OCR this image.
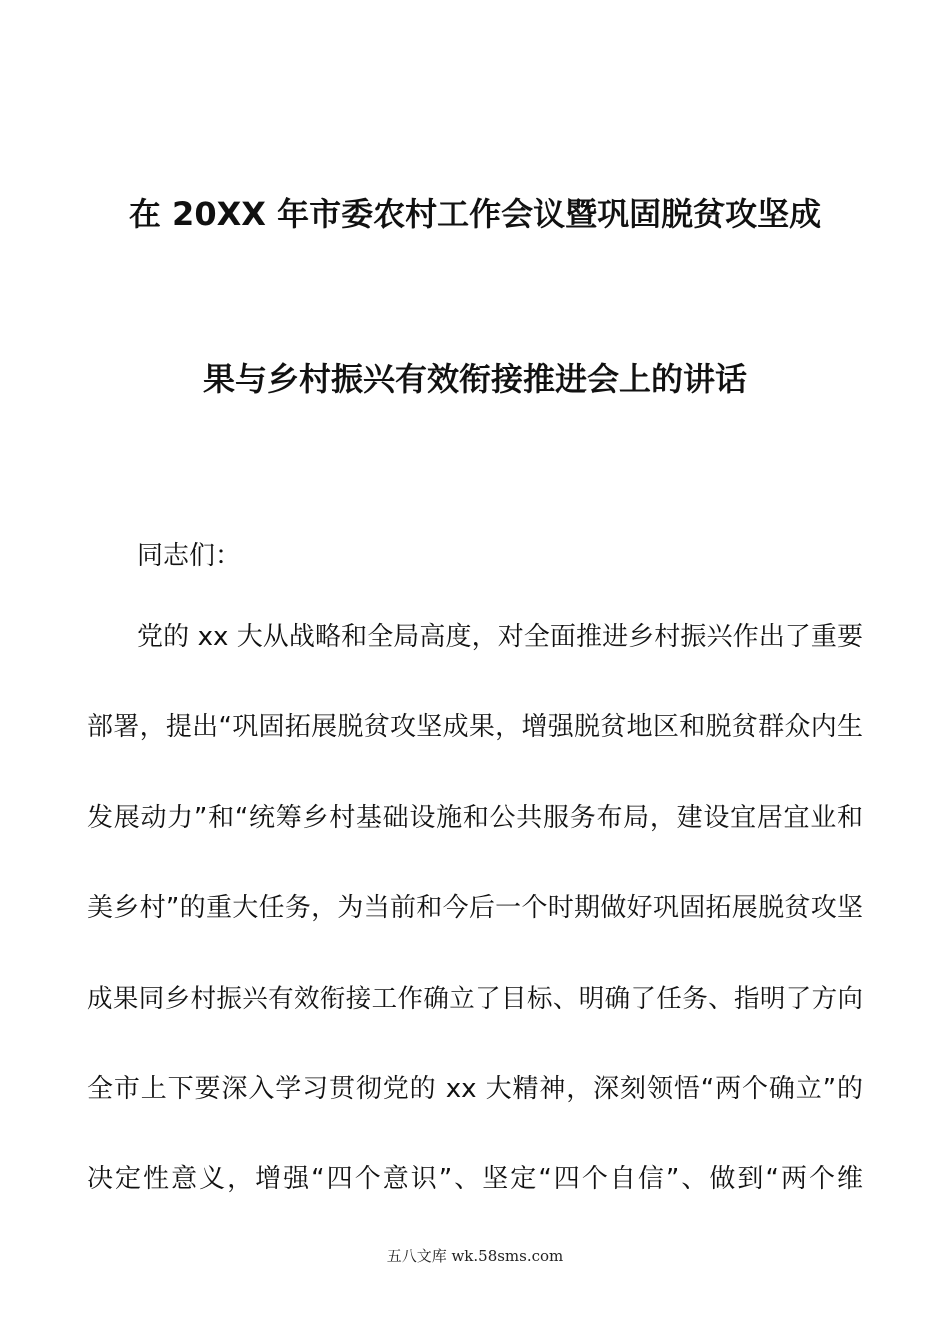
在 20XX 年市委农村工作会议暨巩固脱贫攻坚成
果与乡村振兴有效衔接推进会上的讲话
同志们：
党的 xx 大从战略和全局高度，对全面推进乡村振兴作出了重要
部署，提出“巩固拓展脱贫攻坚成果，增强脱贫地区和脱贫群众内生
发展动力”和“统筹乡村基础设施和公共服务布局，建设宜居宜业和
美乡村”的重大任务，为当前和今后一个时期做好巩固拓展脱贫攻坚
成果同乡村振兴有效衔接工作确立了目标、明确了任务、指明了方向
全市上下要深入学习贯彻党的 xx 大精神，深刻领悟“两个确立”的
决定性意义，增强“四个意识”、坚定“四个自信”、做到“两个维
五八文库 wk.58sms.com
